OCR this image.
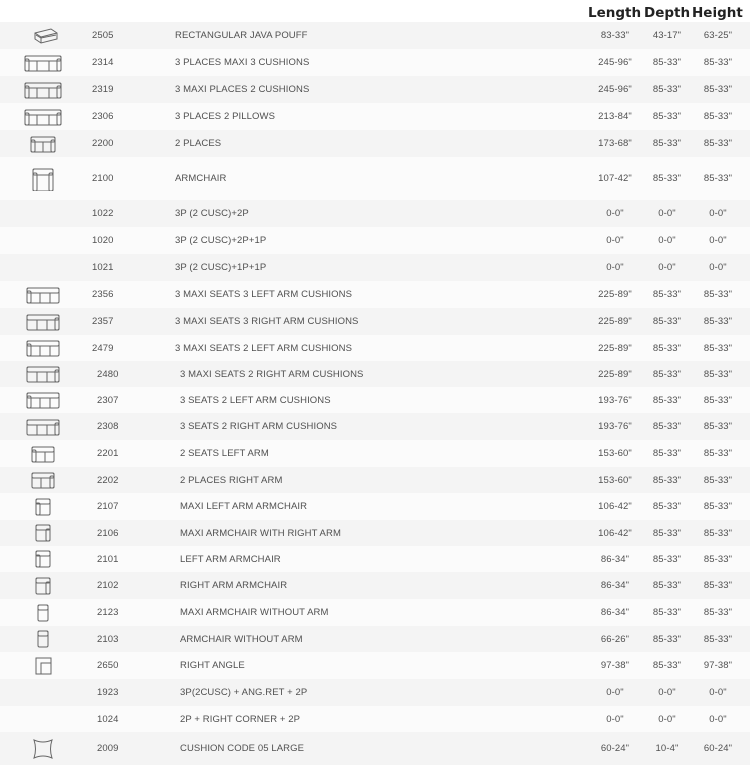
Length Depth Height
2505	RECTANGULAR JAVA POUFF	83-33"	43-17"	63-25"
2314	3 PLACES MAXI 3 CUSHIONS	245-96"	85-33"	85-33"
2319	3 MAXI PLACES 2 CUSHIONS	245-96"	85-33"	85-33"
2306	3 PLACES 2 PILLOWS	213-84"	85-33"	85-33"
2200	2 PLACES	173-68"	85-33"	85-33"
2100	ARMCHAIR	107-42"	85-33"	85-33"
1022	3P (2 CUSC)+2P	0-0"	0-0"	0-0"
1020	3P (2 CUSC)+2P+1P	0-0"	0-0"	0-0"
1021	3P (2 CUSC)+1P+1P	0-0"	0-0"	0-0"
2356	3 MAXI SEATS 3 LEFT ARM CUSHIONS	225-89"	85-33"	85-33"
2357	3 MAXI SEATS 3 RIGHT ARM CUSHIONS	225-89"	85-33"	85-33"
2479	3 MAXI SEATS 2 LEFT ARM CUSHIONS	225-89"	85-33"	85-33"
2480	3 MAXI SEATS 2 RIGHT ARM CUSHIONS	225-89"	85-33"	85-33"
2307	3 SEATS 2 LEFT ARM CUSHIONS	193-76"	85-33"	85-33"
2308	3 SEATS 2 RIGHT ARM CUSHIONS	193-76"	85-33"	85-33"
2201	2 SEATS LEFT ARM	153-60"	85-33"	85-33"
2202	2 PLACES RIGHT ARM	153-60"	85-33"	85-33"
2107	MAXI LEFT ARM ARMCHAIR	106-42"	85-33"	85-33"
2106	MAXI ARMCHAIR WITH RIGHT ARM	106-42"	85-33"	85-33"
2101	LEFT ARM ARMCHAIR	86-34"	85-33"	85-33"
2102	RIGHT ARM ARMCHAIR	86-34"	85-33"	85-33"
2123	MAXI ARMCHAIR WITHOUT ARM	86-34"	85-33"	85-33"
2103	ARMCHAIR WITHOUT ARM	66-26"	85-33"	85-33"
2650	RIGHT ANGLE	97-38"	85-33"	97-38"
1923	3P(2CUSC) + ANG.RET + 2P	0-0"	0-0"	0-0"
1024	2P + RIGHT CORNER + 2P	0-0"	0-0"	0-0"
2009	CUSHION CODE 05 LARGE	60-24"	10-4"	60-24"
